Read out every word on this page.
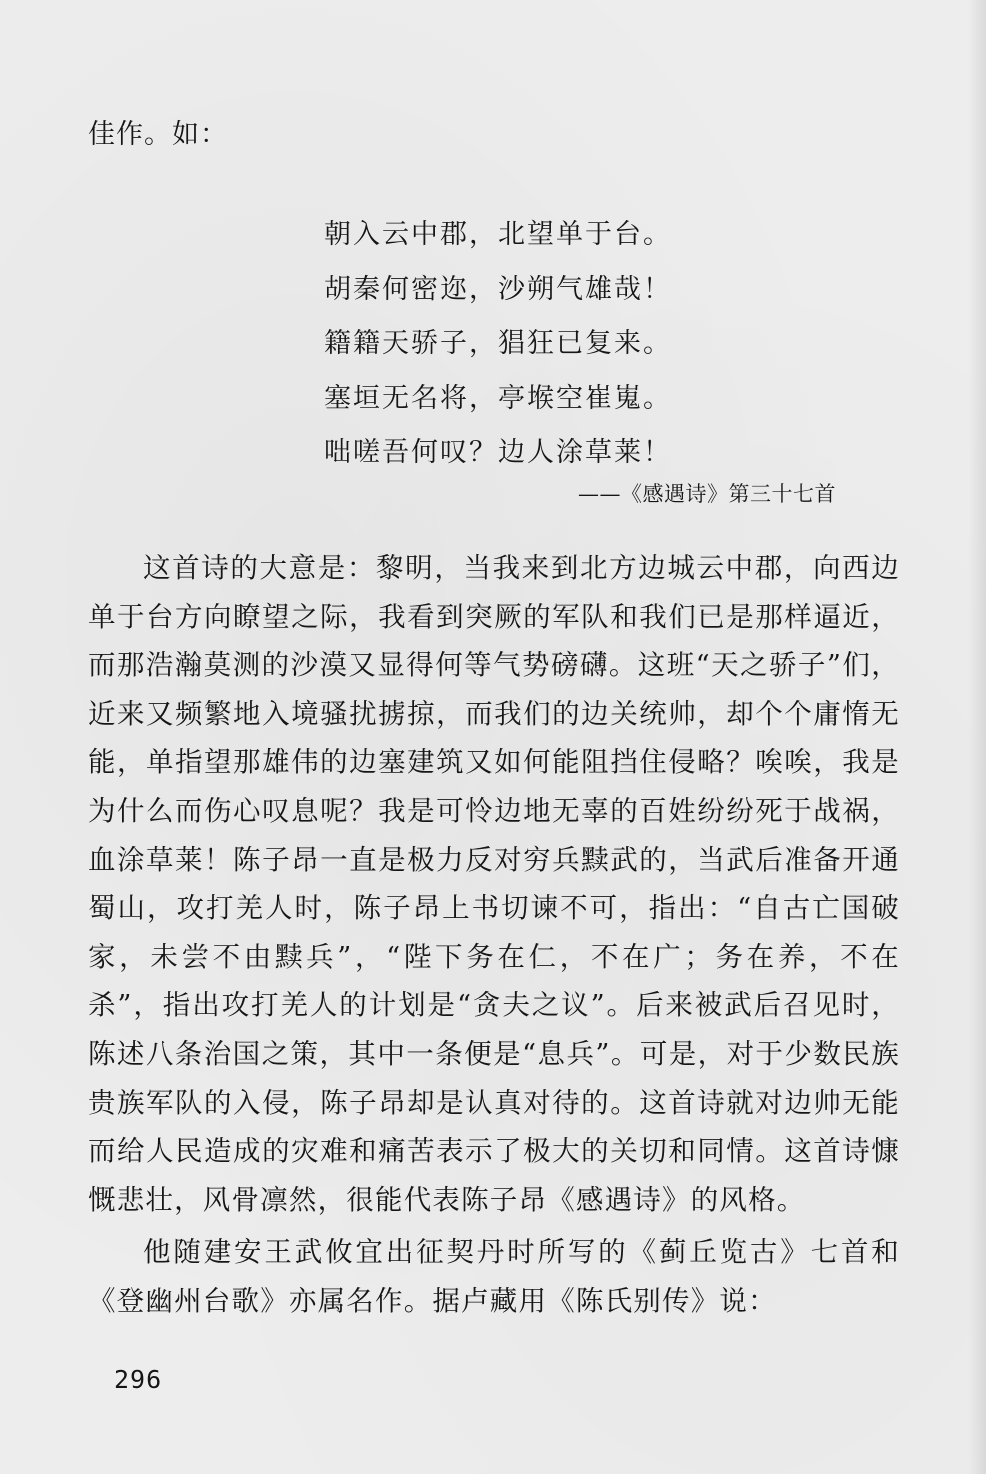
佳作。如：
朝入云中郡，北望单于台。
胡秦何密迩，沙朔气雄哉！
籍籍天骄子，猖狂已复来。
塞垣无名将，亭堠空崔嵬。
咄嗟吾何叹？边人涂草莱！
——《感遇诗》第三十七首

这首诗的大意是：黎明，当我来到北方边城云中郡，向西边单于台方向瞭望之际，我看到突厥的军队和我们已是那样逼近，而那浩瀚莫测的沙漠又显得何等气势磅礴。这班“天之骄子”们，近来又频繁地入境骚扰掳掠，而我们的边关统帅，却个个庸惰无能，单指望那雄伟的边塞建筑又如何能阻挡住侵略？唉唉，我是为什么而伤心叹息呢？我是可怜边地无辜的百姓纷纷死于战祸，血涂草莱！陈子昂一直是极力反对穷兵黩武的，当武后准备开通蜀山，攻打羌人时，陈子昂上书切谏不可，指出：“自古亡国破家，未尝不由黩兵”，“陛下务在仁，不在广；务在养，不在杀”，指出攻打羌人的计划是“贪夫之议”。后来被武后召见时，陈述八条治国之策，其中一条便是“息兵”。可是，对于少数民族贵族军队的入侵，陈子昂却是认真对待的。这首诗就对边帅无能而给人民造成的灾难和痛苦表示了极大的关切和同情。这首诗慷慨悲壮，风骨凛然，很能代表陈子昂《感遇诗》的风格。

他随建安王武攸宜出征契丹时所写的《蓟丘览古》七首和《登幽州台歌》亦属名作。据卢藏用《陈氏别传》说：

296
